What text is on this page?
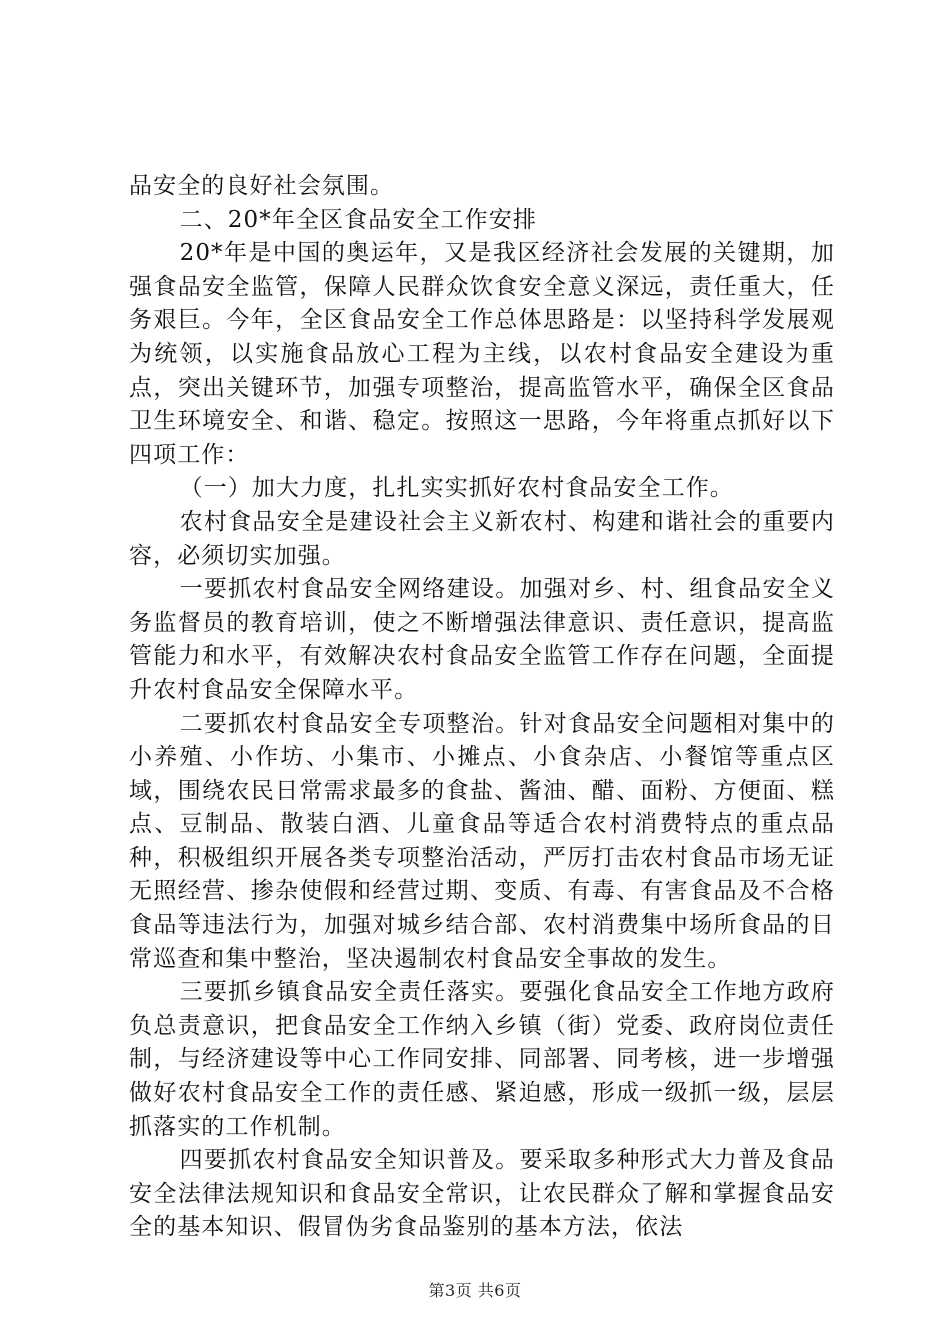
品安全的良好社会氛围。

二、20*年全区食品安全工作安排

20*年是中国的奥运年，又是我区经济社会发展的关键期，加强食品安全监管，保障人民群众饮食安全意义深远，责任重大，任务艰巨。今年，全区食品安全工作总体思路是：以坚持科学发展观为统领，以实施食品放心工程为主线，以农村食品安全建设为重点，突出关键环节，加强专项整治，提高监管水平，确保全区食品卫生环境安全、和谐、稳定。按照这一思路，今年将重点抓好以下四项工作：

（一）加大力度，扎扎实实抓好农村食品安全工作。

农村食品安全是建设社会主义新农村、构建和谐社会的重要内容，必须切实加强。

一要抓农村食品安全网络建设。加强对乡、村、组食品安全义务监督员的教育培训，使之不断增强法律意识、责任意识，提高监管能力和水平，有效解决农村食品安全监管工作存在问题，全面提升农村食品安全保障水平。

二要抓农村食品安全专项整治。针对食品安全问题相对集中的小养殖、小作坊、小集市、小摊点、小食杂店、小餐馆等重点区域，围绕农民日常需求最多的食盐、酱油、醋、面粉、方便面、糕点、豆制品、散装白酒、儿童食品等适合农村消费特点的重点品种，积极组织开展各类专项整治活动，严厉打击农村食品市场无证无照经营、掺杂使假和经营过期、变质、有毒、有害食品及不合格食品等违法行为，加强对城乡结合部、农村消费集中场所食品的日常巡查和集中整治，坚决遏制农村食品安全事故的发生。

三要抓乡镇食品安全责任落实。要强化食品安全工作地方政府负总责意识，把食品安全工作纳入乡镇（街）党委、政府岗位责任制，与经济建设等中心工作同安排、同部署、同考核，进一步增强做好农村食品安全工作的责任感、紧迫感，形成一级抓一级，层层抓落实的工作机制。

四要抓农村食品安全知识普及。要采取多种形式大力普及食品安全法律法规知识和食品安全常识，让农民群众了解和掌握食品安全的基本知识、假冒伪劣食品鉴别的基本方法，依法

第3页 共6页
